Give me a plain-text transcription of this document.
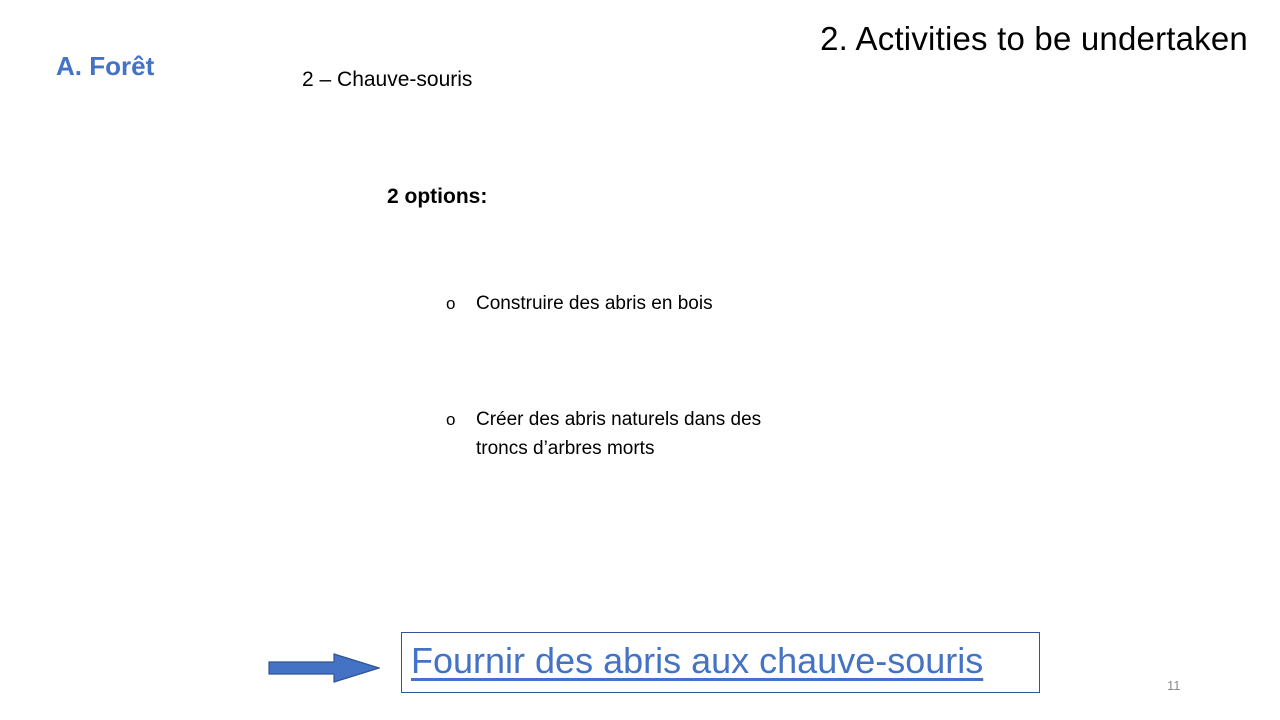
2. Activities to be undertaken
A. Forêt	2 – Chauve-souris
2 options:
o Construire des abris en bois
o Créer des abris naturels dans des troncs d’arbres morts
Fournir des abris aux chauve-souris
11
